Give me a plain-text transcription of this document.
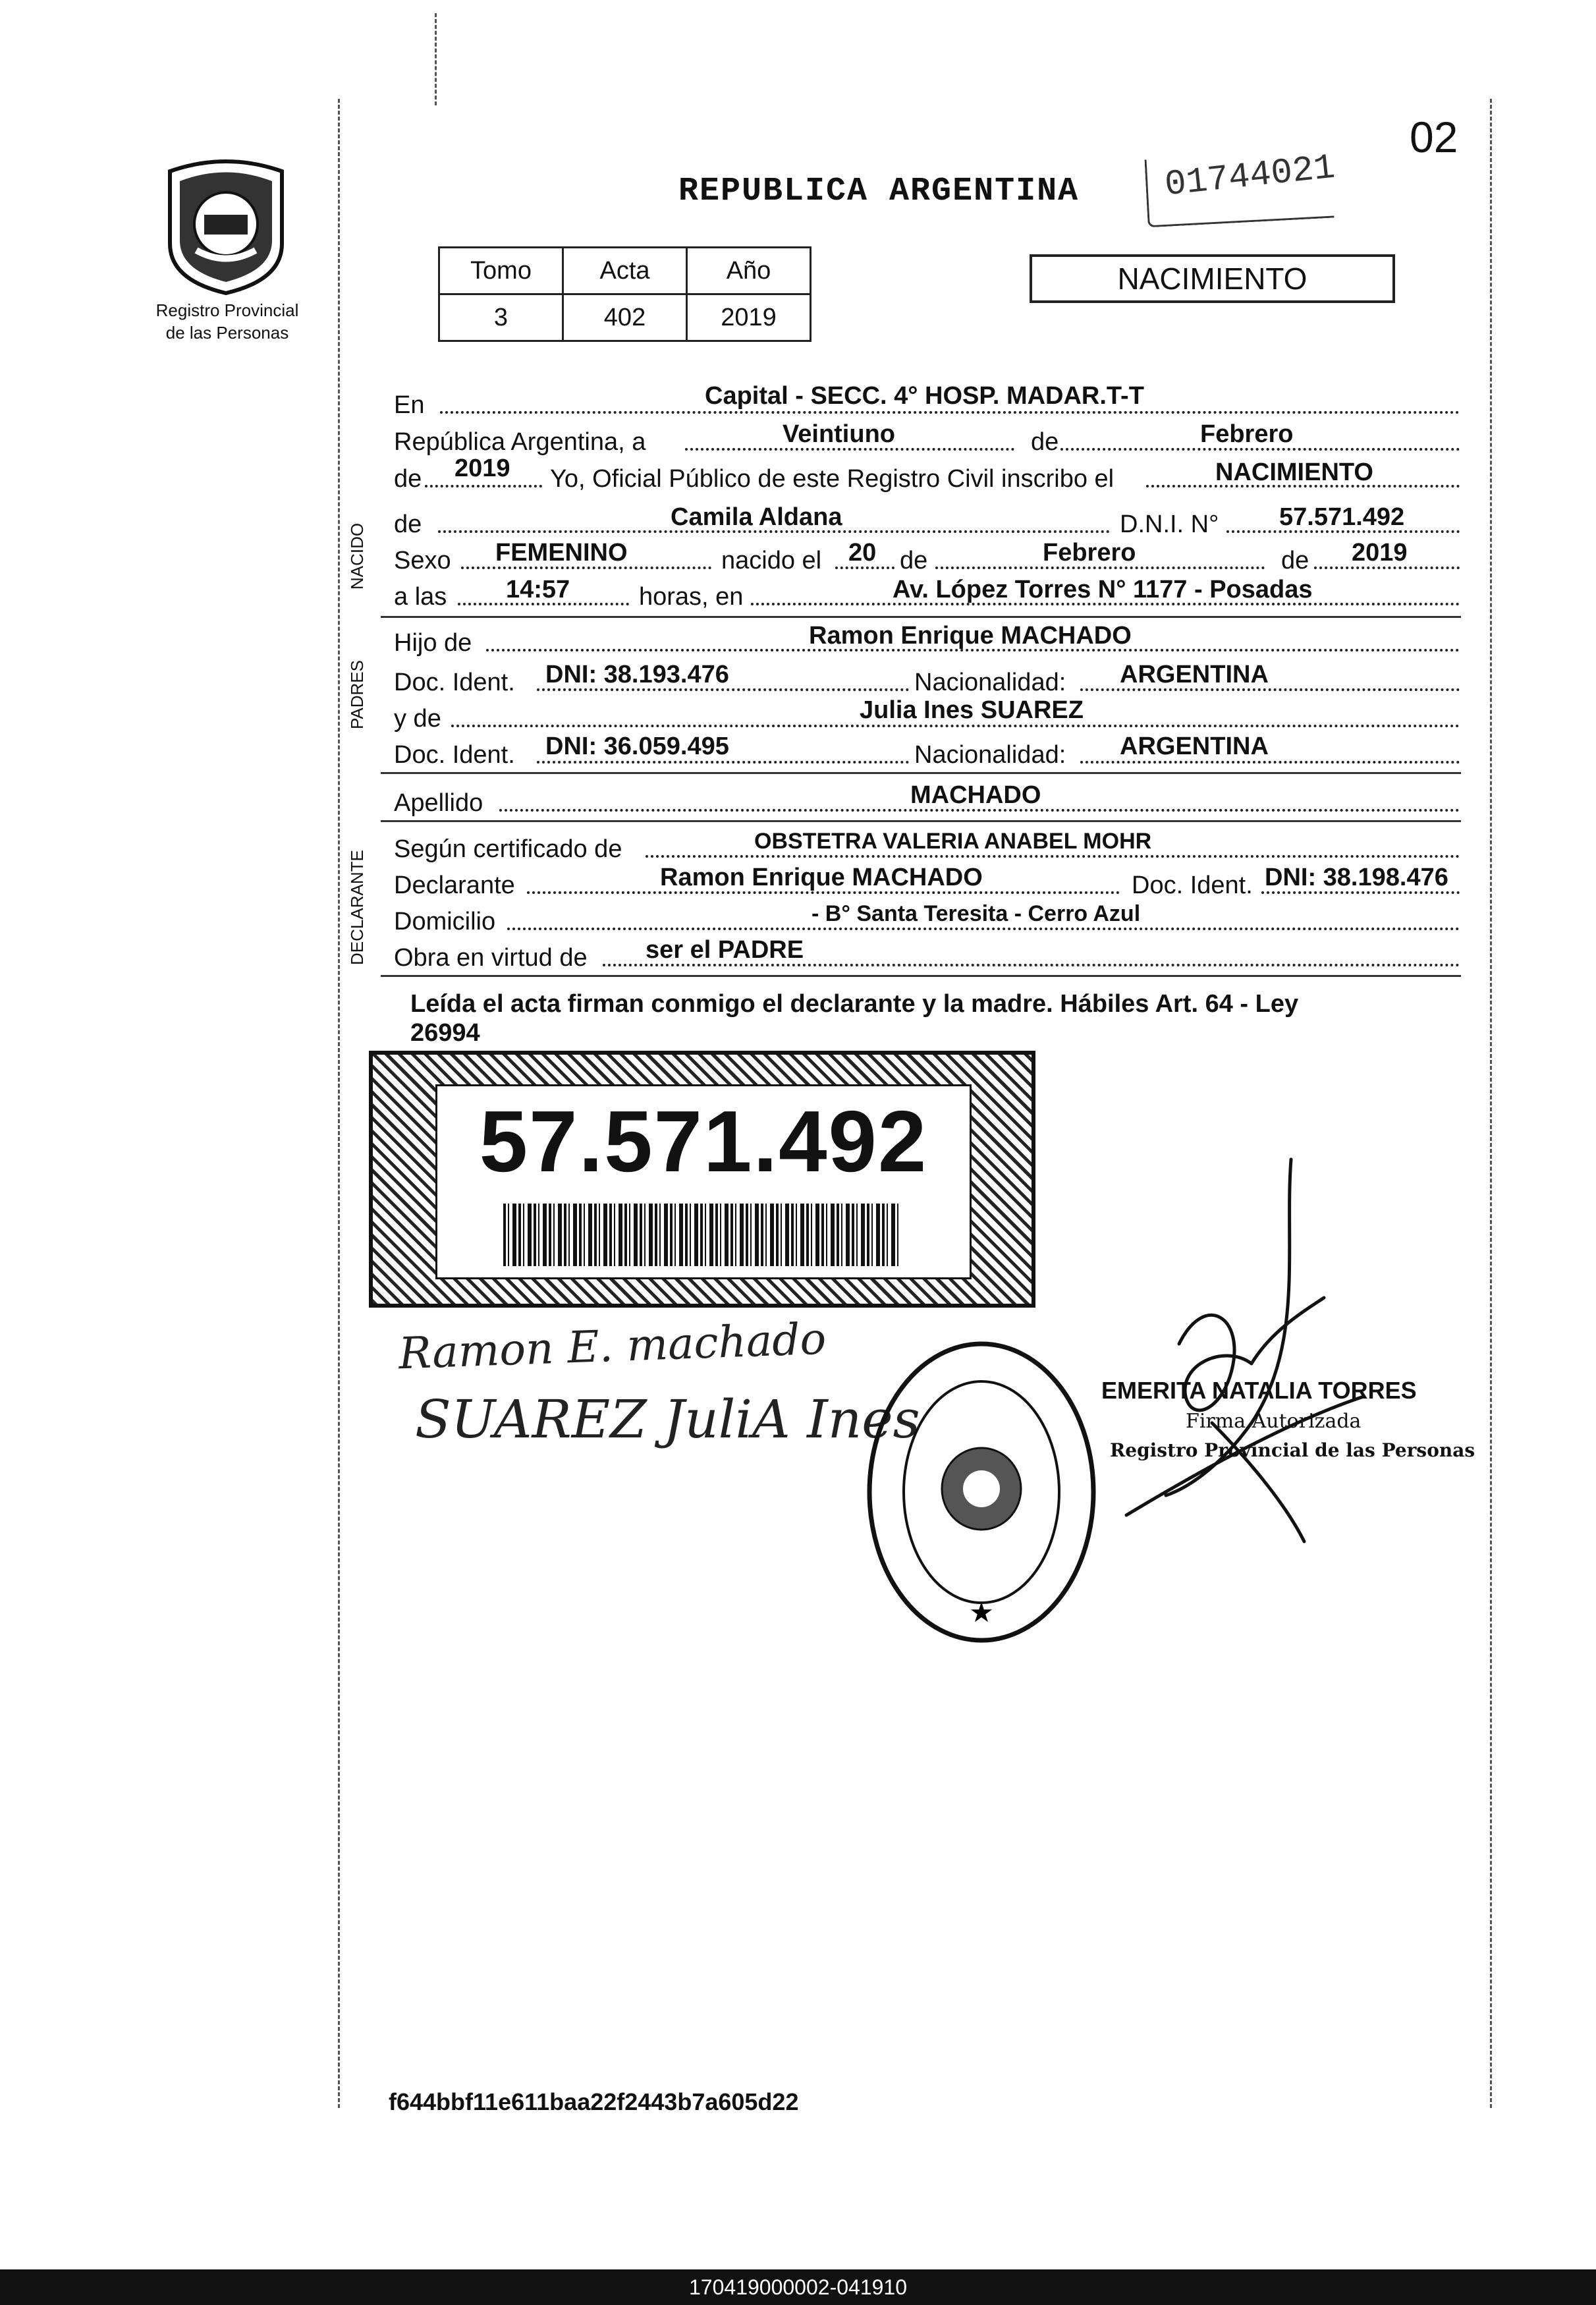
02
Registro Provincial
de las Personas
REPUBLICA ARGENTINA 01744021
Tomo	Acta	Año
3	402	2019
NACIMIENTO
NACIDO
PADRES
DECLARANTE
En	Capital - SECC. 4° HOSP. MADAR.T-T
República Argentina, a	Veintiuno	de	Febrero
de 2019 Yo, Oficial Público de este Registro Civil inscribo el	NACIMIENTO
de	Camila Aldana	D.N.I. N° 57.571.492
Sexo FEMENINO	nacido el 20 de	Febrero	de 2019
a las 14:57	horas, en	Av. López Torres N° 1177 - Posadas
Hijo de	Ramon Enrique MACHADO
Doc. Ident. DNI: 38.193.476	Nacionalidad: ARGENTINA
y de	Julia Ines SUAREZ
Doc. Ident. DNI: 36.059.495	Nacionalidad: ARGENTINA
Apellido	MACHADO
Según certificado de	OBSTETRA VALERIA ANABEL MOHR
Declarante	Ramon Enrique MACHADO	Doc. Ident. DNI: 38.198.476
Domicilio	- B° Santa Teresita - Cerro Azul
Obra en virtud de ser el PADRE
Leída el acta firman conmigo el declarante y la madre. Hábiles Art. 64 - Ley
26994
57.571.492
Ramon E. machado
SUAREZ JuliA Ines
★
EMERITA NATALIA TORRES
Firma Autorizada
Registro Provincial de las Personas
f644bbf11e611baa22f2443b7a605d22
170419000002-041910
